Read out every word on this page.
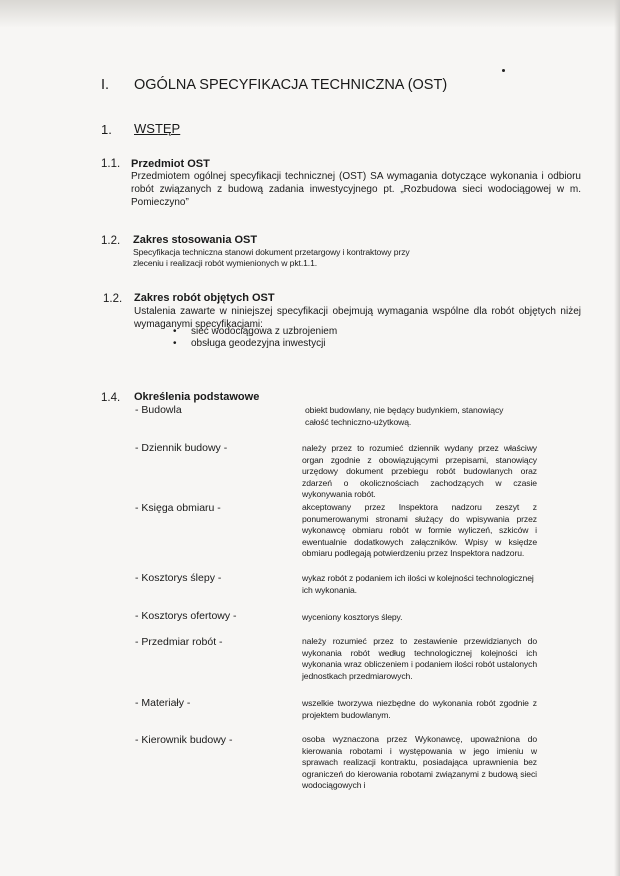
I. OGÓLNA SPECYFIKACJA TECHNICZNA (OST)
1. WSTĘP
1.1. Przedmiot OST
Przedmiotem ogólnej specyfikacji technicznej (OST) SA wymagania dotyczące wykonania i odbioru robót związanych z budową zadania inwestycyjnego pt. „Rozbudowa sieci wodociągowej w m. Pomieczyno”
1.2. Zakres stosowania OST
Specyfikacja techniczna stanowi dokument przetargowy i kontraktowy przy zleceniu i realizacji robót wymienionych w pkt.1.1.
1.2. Zakres robót objętych OST
Ustalenia zawarte w niniejszej specyfikacji obejmują wymagania wspólne dla robót objętych niżej wymaganymi specyfikacjami:
• sieć wodociągowa z uzbrojeniem
• obsługa geodezyjna inwestycji
1.4. Określenia podstawowe
- Budowla	obiekt budowlany, nie będący budynkiem, stanowiący całość techniczno-użytkową.
- Dziennik budowy -	należy przez to rozumieć dziennik wydany przez właściwy organ zgodnie z obowiązującymi przepisami, stanowiący urzędowy dokument przebiegu robót budowlanych oraz zdarzeń o okolicznościach zachodzących w czasie wykonywania robót.
- Księga obmiaru -	akceptowany przez Inspektora nadzoru zeszyt z ponumerowanymi stronami służący do wpisywania przez wykonawcę obmiaru robót w formie wyliczeń, szkiców i ewentualnie dodatkowych załączników. Wpisy w księdze obmiaru podlegają potwierdzeniu przez Inspektora nadzoru.
- Kosztorys ślepy -	wykaz robót z podaniem ich ilości w kolejności technologicznej ich wykonania.
- Kosztorys ofertowy -	wyceniony kosztorys ślepy.
- Przedmiar robót -	należy rozumieć przez to zestawienie przewidzianych do wykonania robót według technologicznej kolejności ich wykonania wraz obliczeniem i podaniem ilości robót ustalonych jednostkach przedmiarowych.
- Materiały -	wszelkie tworzywa niezbędne do wykonania robót zgodnie z projektem budowlanym.
- Kierownik budowy -	osoba wyznaczona przez Wykonawcę, upoważniona do kierowania robotami i występowania w jego imieniu w sprawach realizacji kontraktu, posiadająca uprawnienia bez ograniczeń do kierowania robotami związanymi z budową sieci wodociągowych i
